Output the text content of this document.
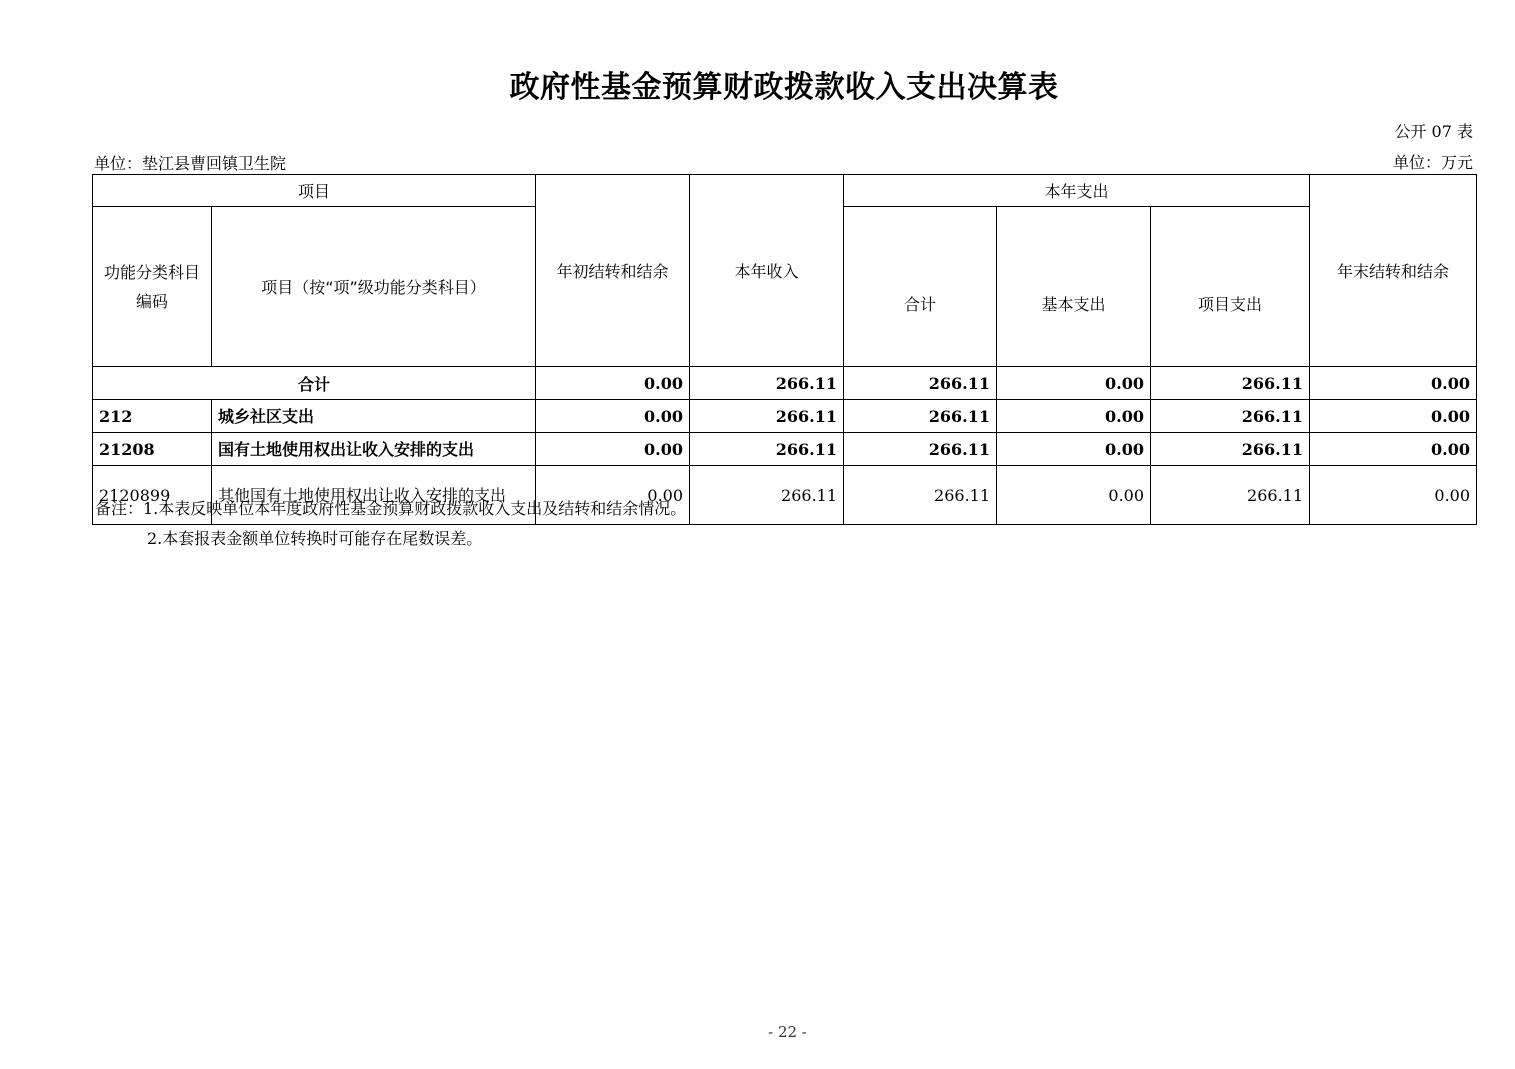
政府性基金预算财政拨款收入支出决算表
公开 07 表
单位：垫江县曹回镇卫生院	单位：万元
项目		年初结转和结余	本年收入	本年支出			年末结转和结余
功能分类科目编码	项目（按“项”级功能分类科目）			合计	基本支出	项目支出	
合计		0.00	266.11	266.11	0.00	266.11	0.00
212	城乡社区支出	0.00	266.11	266.11	0.00	266.11	0.00
21208	国有土地使用权出让收入安排的支出	0.00	266.11	266.11	0.00	266.11	0.00
2120899	其他国有土地使用权出让收入安排的支出	0.00	266.11	266.11	0.00	266.11	0.00
备注：1.本表反映单位本年度政府性基金预算财政拨款收入支出及结转和结余情况。
2.本套报表金额单位转换时可能存在尾数误差。
- 22 -
